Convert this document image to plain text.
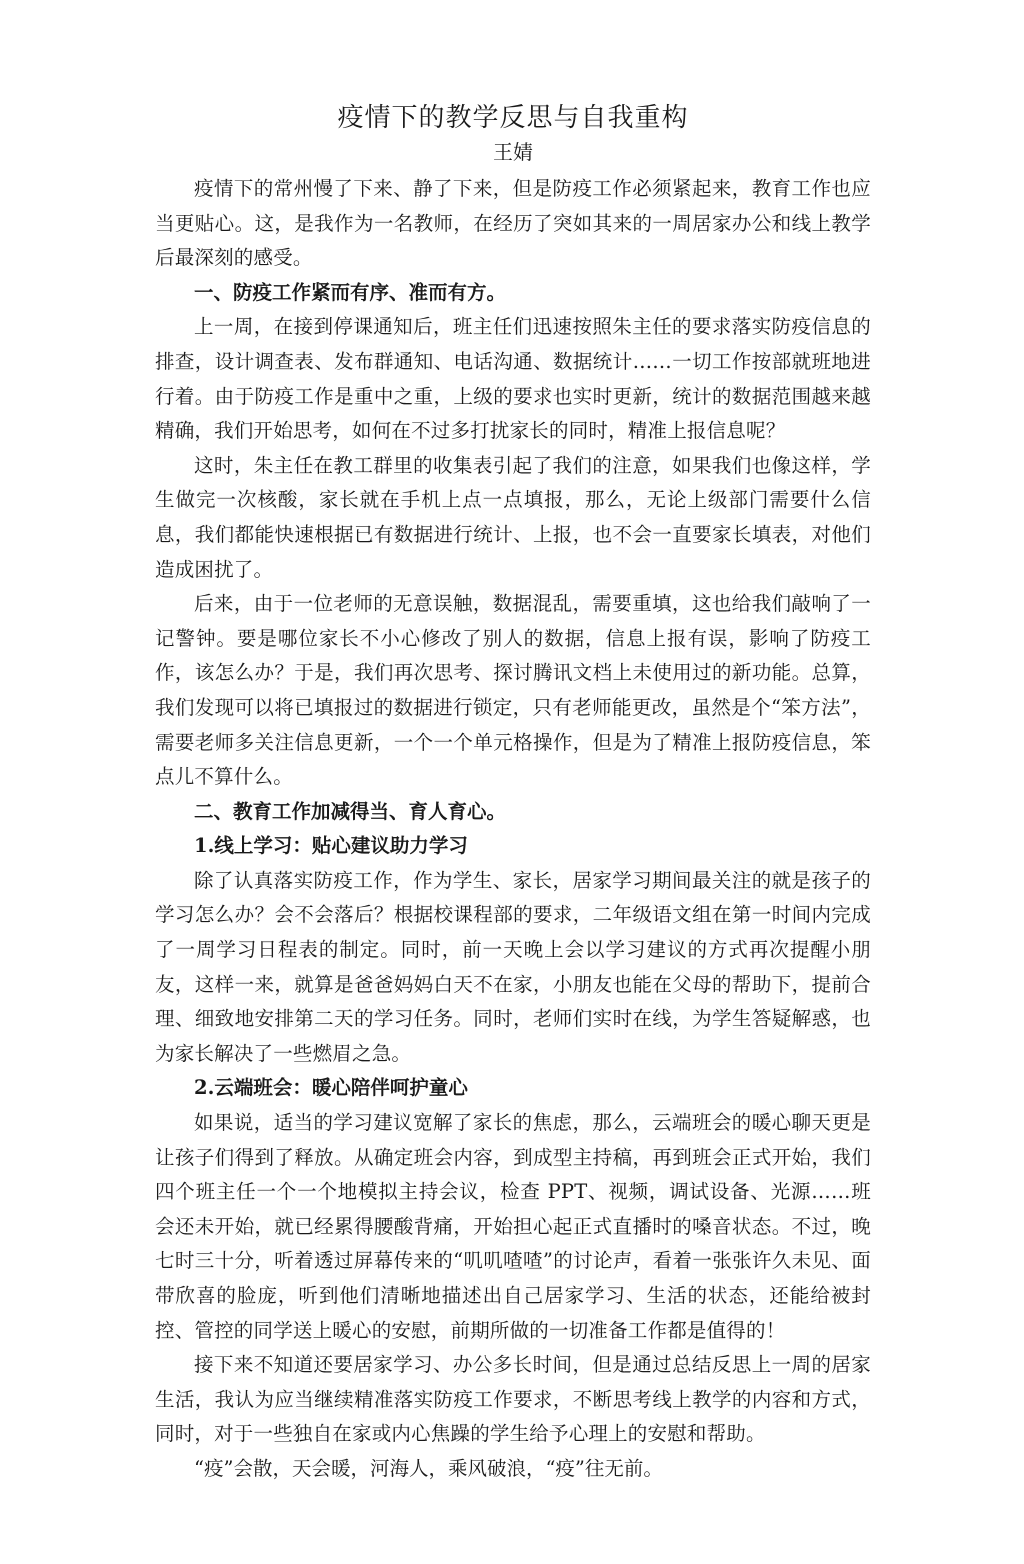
疫情下的教学反思与自我重构

王婧

疫情下的常州慢了下来、静了下来，但是防疫工作必须紧起来，教育工作也应当更贴心。这，是我作为一名教师，在经历了突如其来的一周居家办公和线上教学后最深刻的感受。

一、防疫工作紧而有序、准而有方。

上一周，在接到停课通知后，班主任们迅速按照朱主任的要求落实防疫信息的排查，设计调查表、发布群通知、电话沟通、数据统计……一切工作按部就班地进行着。由于防疫工作是重中之重，上级的要求也实时更新，统计的数据范围越来越精确，我们开始思考，如何在不过多打扰家长的同时，精准上报信息呢？

这时，朱主任在教工群里的收集表引起了我们的注意，如果我们也像这样，学生做完一次核酸，家长就在手机上点一点填报，那么，无论上级部门需要什么信息，我们都能快速根据已有数据进行统计、上报，也不会一直要家长填表，对他们造成困扰了。

后来，由于一位老师的无意误触，数据混乱，需要重填，这也给我们敲响了一记警钟。要是哪位家长不小心修改了别人的数据，信息上报有误，影响了防疫工作，该怎么办？于是，我们再次思考、探讨腾讯文档上未使用过的新功能。总算，我们发现可以将已填报过的数据进行锁定，只有老师能更改，虽然是个“笨方法”，需要老师多关注信息更新，一个一个单元格操作，但是为了精准上报防疫信息，笨点儿不算什么。

二、教育工作加减得当、育人育心。

1.线上学习：贴心建议助力学习

除了认真落实防疫工作，作为学生、家长，居家学习期间最关注的就是孩子的学习怎么办？会不会落后？根据校课程部的要求，二年级语文组在第一时间内完成了一周学习日程表的制定。同时，前一天晚上会以学习建议的方式再次提醒小朋友，这样一来，就算是爸爸妈妈白天不在家，小朋友也能在父母的帮助下，提前合理、细致地安排第二天的学习任务。同时，老师们实时在线，为学生答疑解惑，也为家长解决了一些燃眉之急。

2.云端班会：暖心陪伴呵护童心

如果说，适当的学习建议宽解了家长的焦虑，那么，云端班会的暖心聊天更是让孩子们得到了释放。从确定班会内容，到成型主持稿，再到班会正式开始，我们四个班主任一个一个地模拟主持会议，检查 PPT、视频，调试设备、光源……班会还未开始，就已经累得腰酸背痛，开始担心起正式直播时的嗓音状态。不过，晚七时三十分，听着透过屏幕传来的“叽叽喳喳”的讨论声，看着一张张许久未见、面带欣喜的脸庞，听到他们清晰地描述出自己居家学习、生活的状态，还能给被封控、管控的同学送上暖心的安慰，前期所做的一切准备工作都是值得的！

接下来不知道还要居家学习、办公多长时间，但是通过总结反思上一周的居家生活，我认为应当继续精准落实防疫工作要求，不断思考线上教学的内容和方式，同时，对于一些独自在家或内心焦躁的学生给予心理上的安慰和帮助。

“疫”会散，天会暖，河海人，乘风破浪，“疫”往无前。
